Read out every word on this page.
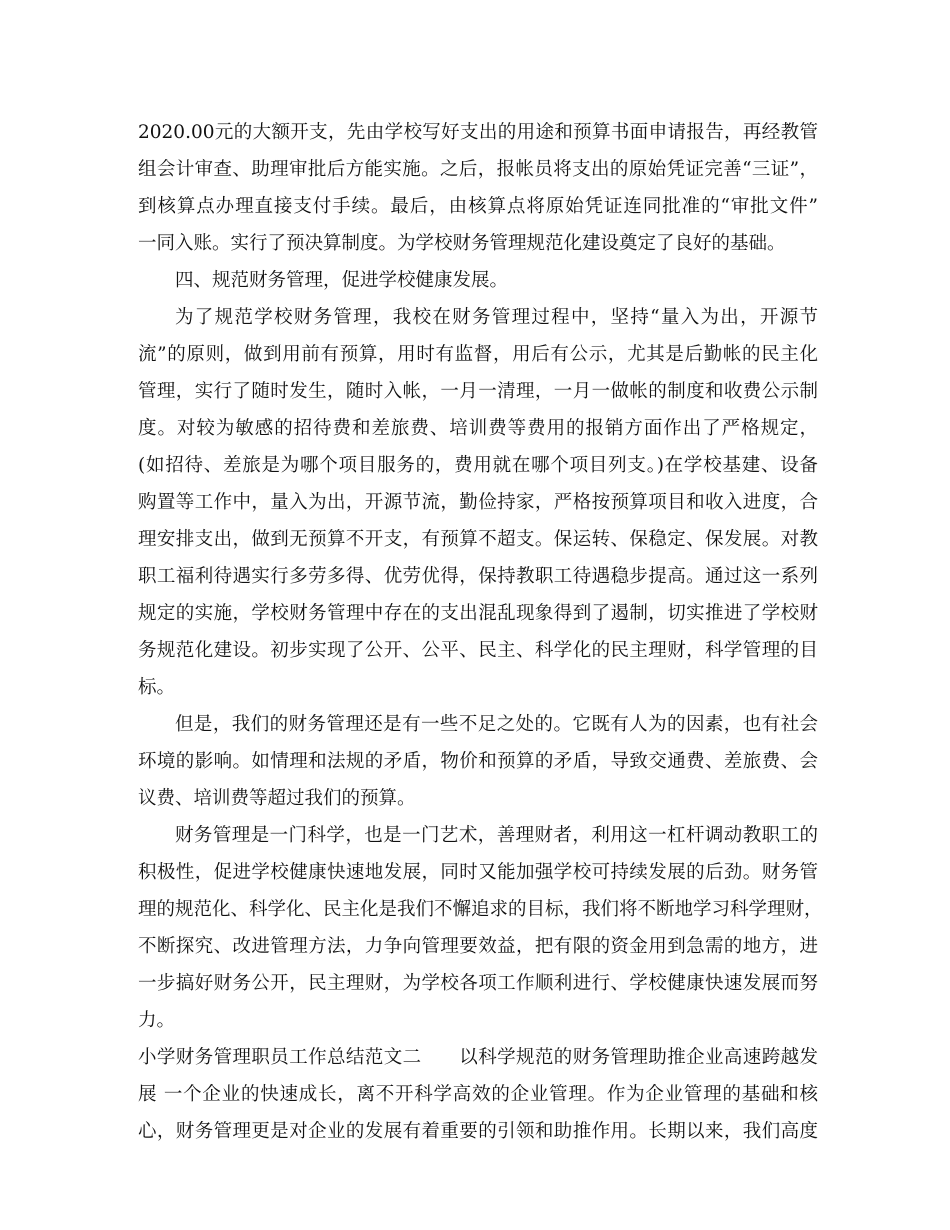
2020.00元的大额开支，先由学校写好支出的用途和预算书面申请报告，再经教管
组会计审查、助理审批后方能实施。之后，报帐员将支出的原始凭证完善“三证”，
到核算点办理直接支付手续。最后，由核算点将原始凭证连同批准的“审批文件”
一同入账。实行了预决算制度。为学校财务管理规范化建设奠定了良好的基础。
四、规范财务管理，促进学校健康发展。
为了规范学校财务管理，我校在财务管理过程中，坚持“量入为出，开源节
流”的原则，做到用前有预算，用时有监督，用后有公示，尤其是后勤帐的民主化
管理，实行了随时发生，随时入帐，一月一清理，一月一做帐的制度和收费公示制
度。对较为敏感的招待费和差旅费、培训费等费用的报销方面作出了严格规定，
(如招待、差旅是为哪个项目服务的，费用就在哪个项目列支。)在学校基建、设备
购置等工作中，量入为出，开源节流，勤俭持家，严格按预算项目和收入进度，合
理安排支出，做到无预算不开支，有预算不超支。保运转、保稳定、保发展。对教
职工福利待遇实行多劳多得、优劳优得，保持教职工待遇稳步提高。通过这一系列
规定的实施，学校财务管理中存在的支出混乱现象得到了遏制，切实推进了学校财
务规范化建设。初步实现了公开、公平、民主、科学化的民主理财，科学管理的目
标。
但是，我们的财务管理还是有一些不足之处的。它既有人为的因素，也有社会
环境的影响。如情理和法规的矛盾，物价和预算的矛盾，导致交通费、差旅费、会
议费、培训费等超过我们的预算。
财务管理是一门科学，也是一门艺术，善理财者，利用这一杠杆调动教职工的
积极性，促进学校健康快速地发展，同时又能加强学校可持续发展的后劲。财务管
理的规范化、科学化、民主化是我们不懈追求的目标，我们将不断地学习科学理财，
不断探究、改进管理方法，力争向管理要效益，把有限的资金用到急需的地方，进
一步搞好财务公开，民主理财，为学校各项工作顺利进行、学校健康快速发展而努
力。
小学财务管理职员工作总结范文二　　以科学规范的财务管理助推企业高速跨越发
展 一个企业的快速成长，离不开科学高效的企业管理。作为企业管理的基础和核
心，财务管理更是对企业的发展有着重要的引领和助推作用。长期以来，我们高度
